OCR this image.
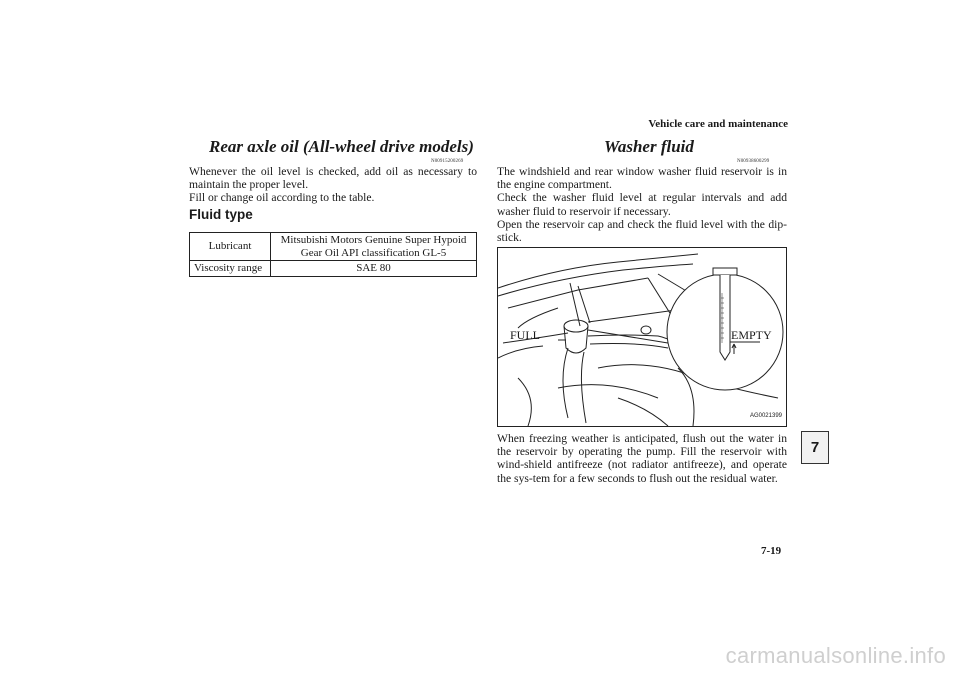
Vehicle care and maintenance
Rear axle oil (All-wheel drive models)
N00915200269

Whenever the oil level is checked, add oil as necessary to maintain the proper level.

Fill or change oil according to the table.

Fluid type
Lubricant	Mitsubishi Motors Genuine Super Hypoid
Gear Oil API classification GL-5

Viscosity range	SAE 80
Washer fluid
N00938600299

The windshield and rear window washer fluid reservoir is in the engine compartment.

Check the washer fluid level at regular intervals and add washer fluid to reservoir if necessary.

Open the reservoir cap and check the fluid level with the dip-stick.

FULL	EMPTY
AG0021399
When freezing weather is anticipated, flush out the water in the reservoir by operating the pump. Fill the reservoir with wind-shield antifreeze (not radiator antifreeze), and operate the sys-tem for a few seconds to flush out the residual water.
7
7-19
carmanualsonline.info
